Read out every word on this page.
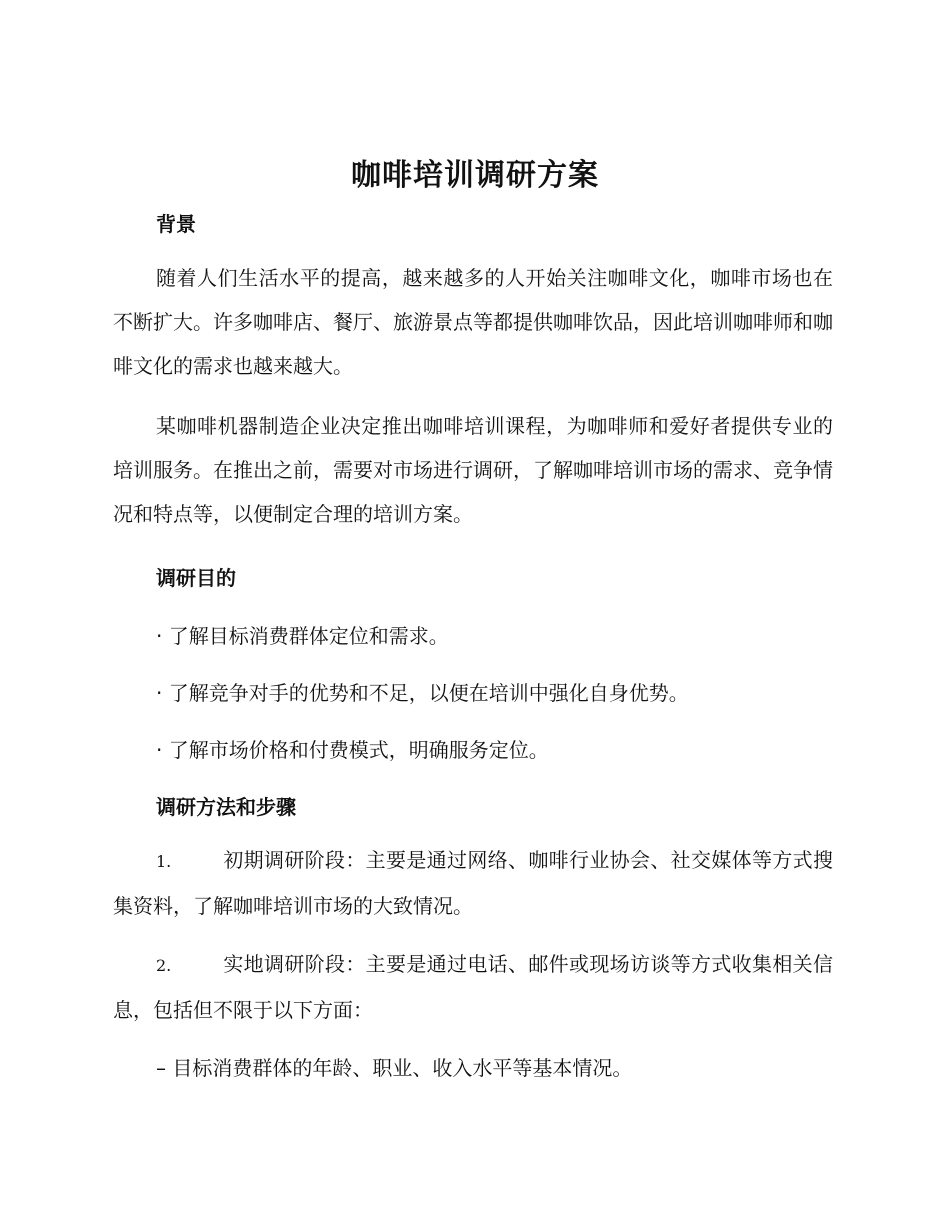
咖啡培训调研方案
背景
随着人们生活水平的提高，越来越多的人开始关注咖啡文化，咖啡市场也在不断扩大。许多咖啡店、餐厅、旅游景点等都提供咖啡饮品，因此培训咖啡师和咖啡文化的需求也越来越大。
某咖啡机器制造企业决定推出咖啡培训课程，为咖啡师和爱好者提供专业的培训服务。在推出之前，需要对市场进行调研，了解咖啡培训市场的需求、竞争情况和特点等，以便制定合理的培训方案。
调研目的
· 了解目标消费群体定位和需求。
· 了解竞争对手的优势和不足，以便在培训中强化自身优势。
· 了解市场价格和付费模式，明确服务定位。
调研方法和步骤
1.	初期调研阶段：主要是通过网络、咖啡行业协会、社交媒体等方式搜集资料，了解咖啡培训市场的大致情况。
2.	实地调研阶段：主要是通过电话、邮件或现场访谈等方式收集相关信息，包括但不限于以下方面：
– 目标消费群体的年龄、职业、收入水平等基本情况。
